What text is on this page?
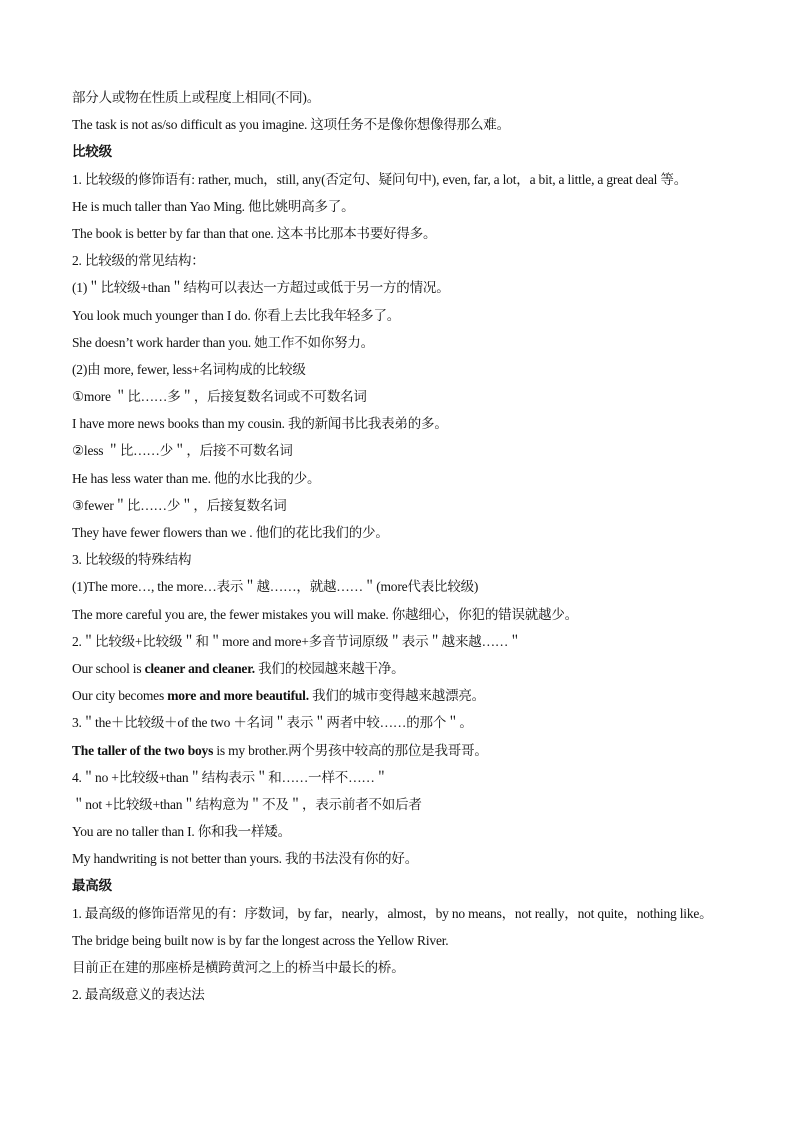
部分人或物在性质上或程度上相同(不同)。
The task is not as/so difficult as you imagine. 这项任务不是像你想像得那么难。
比较级
1. 比较级的修饰语有: rather, much，still, any(否定句、疑问句中), even, far, a lot，a bit, a little, a great deal 等。
He is much taller than Yao Ming. 他比姚明高多了。
The book is better by far than that one. 这本书比那本书要好得多。
2. 比较级的常见结构：
(1)＂比较级+than＂结构可以表达一方超过或低于另一方的情况。
You look much younger than I do. 你看上去比我年轻多了。
She doesn’t work harder than you. 她工作不如你努力。
(2)由 more, fewer, less+名词构成的比较级
①more ＂比……多＂，后接复数名词或不可数名词
I have more news books than my cousin. 我的新闻书比我表弟的多。
②less ＂比……少＂，后接不可数名词
He has less water than me. 他的水比我的少。
③fewer＂比……少＂，后接复数名词
They have fewer flowers than we . 他们的花比我们的少。
3. 比较级的特殊结构
(1)The more…, the more…表示＂越……，就越……＂(more代表比较级)
The more careful you are, the fewer mistakes you will make. 你越细心，你犯的错误就越少。
2.＂比较级+比较级＂和＂more and more+多音节词原级＂表示＂越来越……＂
Our school is cleaner and cleaner. 我们的校园越来越干净。
Our city becomes more and more beautiful. 我们的城市变得越来越漂亮。
3.＂the＋比较级＋of the two ＋名词＂表示＂两者中较……的那个＂。
The taller of the two boys is my brother.两个男孩中较高的那位是我哥哥。
4.＂no +比较级+than＂结构表示＂和……一样不……＂
＂not +比较级+than＂结构意为＂不及＂，表示前者不如后者
You are no taller than I. 你和我一样矮。
My handwriting is not better than yours. 我的书法没有你的好。
最高级
1. 最高级的修饰语常见的有：序数词，by far，nearly，almost，by no means，not really，not quite，nothing like。
The bridge being built now is by far the longest across the Yellow River.
目前正在建的那座桥是横跨黄河之上的桥当中最长的桥。
2. 最高级意义的表达法
